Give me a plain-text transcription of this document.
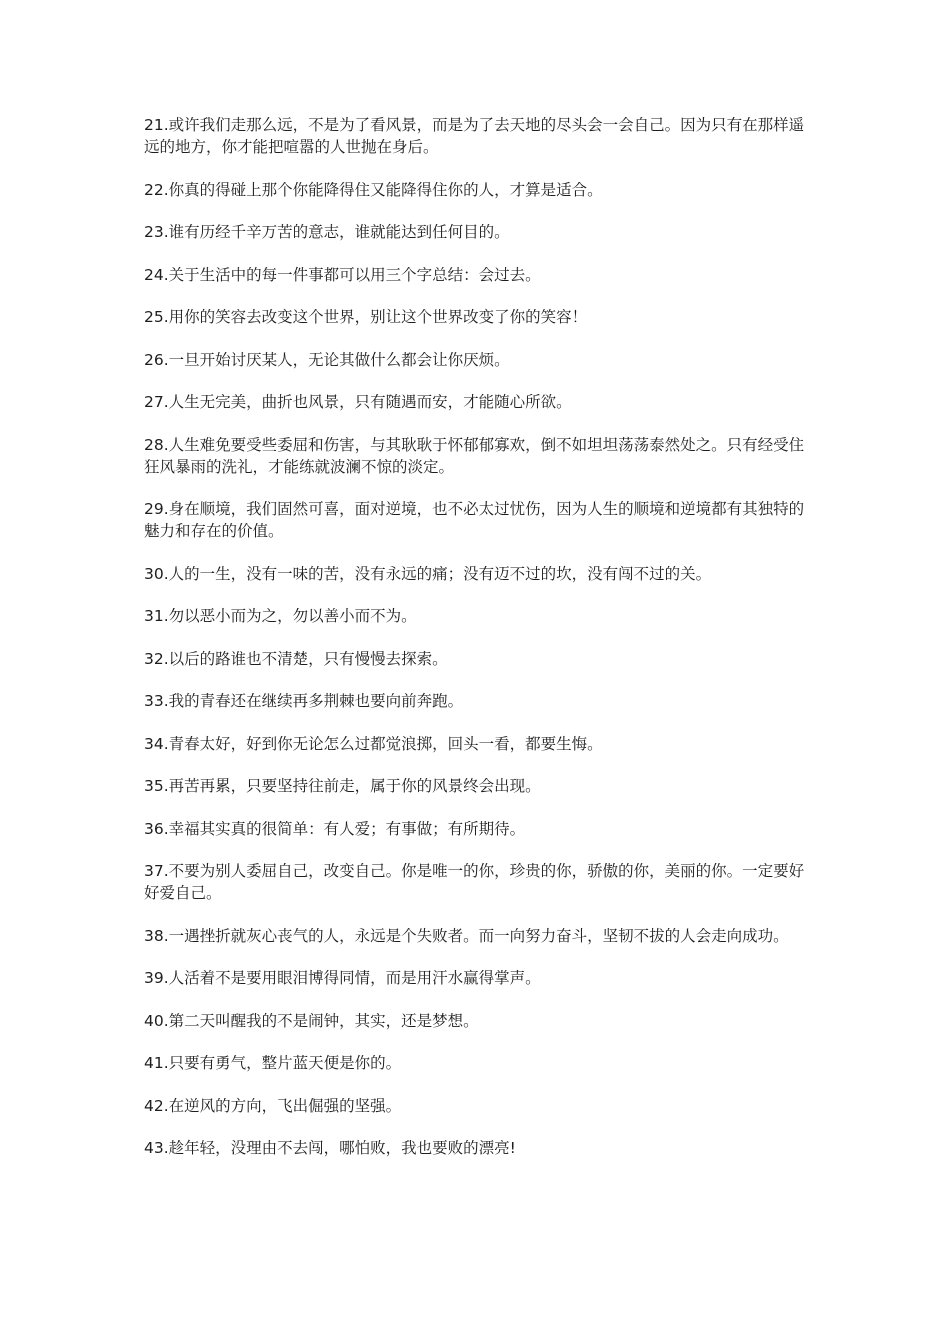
21.或许我们走那么远，不是为了看风景，而是为了去天地的尽头会一会自己。因为只有在那样遥远的地方，你才能把喧嚣的人世抛在身后。

22.你真的得碰上那个你能降得住又能降得住你的人，才算是适合。

23.谁有历经千辛万苦的意志，谁就能达到任何目的。

24.关于生活中的每一件事都可以用三个字总结：会过去。

25.用你的笑容去改变这个世界，别让这个世界改变了你的笑容！

26.一旦开始讨厌某人，无论其做什么都会让你厌烦。

27.人生无完美，曲折也风景，只有随遇而安，才能随心所欲。

28.人生难免要受些委屈和伤害，与其耿耿于怀郁郁寡欢，倒不如坦坦荡荡泰然处之。只有经受住狂风暴雨的洗礼，才能练就波澜不惊的淡定。

29.身在顺境，我们固然可喜，面对逆境，也不必太过忧伤，因为人生的顺境和逆境都有其独特的魅力和存在的价值。

30.人的一生，没有一味的苦，没有永远的痛；没有迈不过的坎，没有闯不过的关。

31.勿以恶小而为之，勿以善小而不为。

32.以后的路谁也不清楚，只有慢慢去探索。

33.我的青春还在继续再多荆棘也要向前奔跑。

34.青春太好，好到你无论怎么过都觉浪掷，回头一看，都要生悔。

35.再苦再累，只要坚持往前走，属于你的风景终会出现。

36.幸福其实真的很简单：有人爱；有事做；有所期待。

37.不要为别人委屈自己，改变自己。你是唯一的你，珍贵的你，骄傲的你，美丽的你。一定要好好爱自己。

38.一遇挫折就灰心丧气的人，永远是个失败者。而一向努力奋斗，坚韧不拔的人会走向成功。

39.人活着不是要用眼泪博得同情，而是用汗水赢得掌声。

40.第二天叫醒我的不是闹钟，其实，还是梦想。

41.只要有勇气，整片蓝天便是你的。

42.在逆风的方向，飞出倔强的坚强。

43.趁年轻，没理由不去闯，哪怕败，我也要败的漂亮!
